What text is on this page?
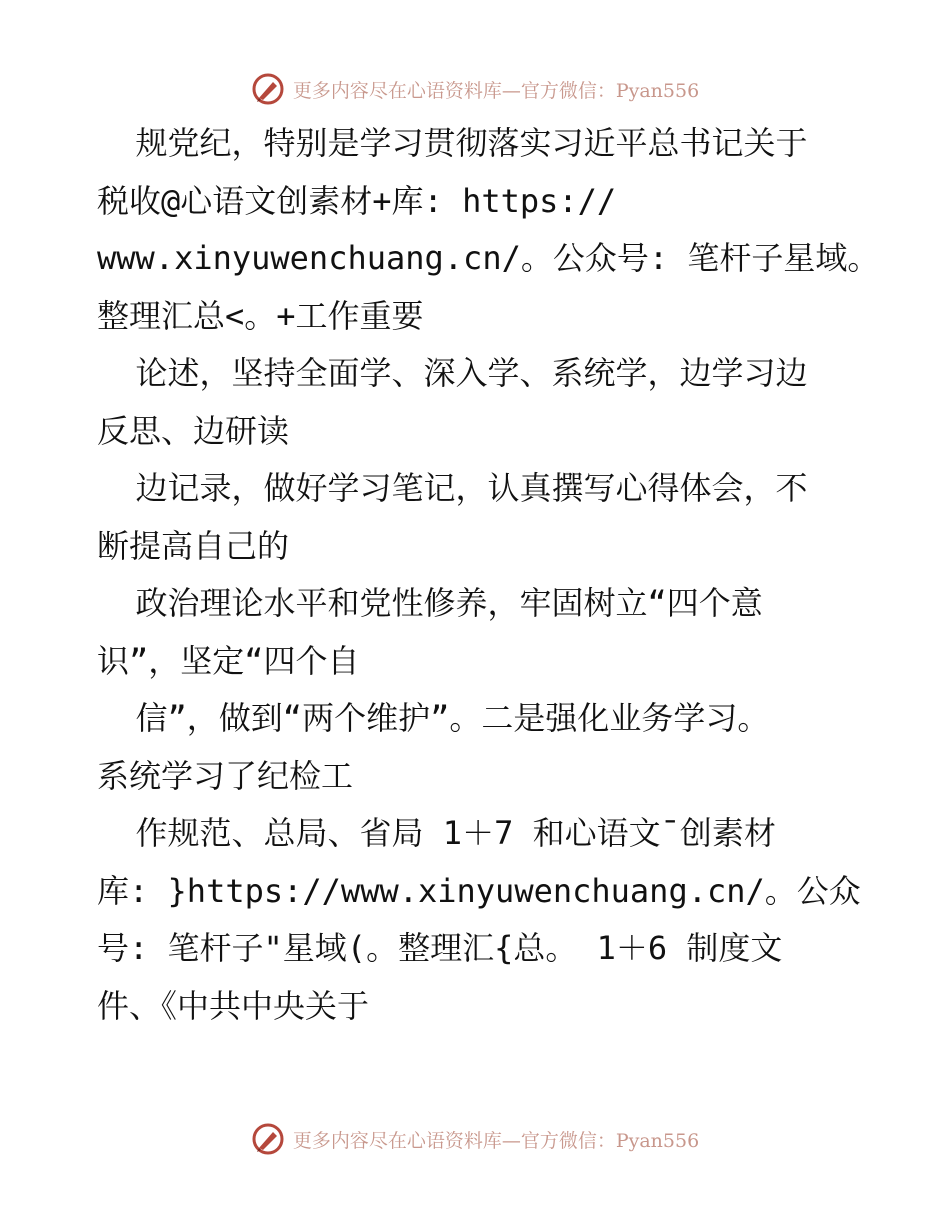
更多内容尽在心语资料库—官方微信：Pyan556
规党纪，特别是学习贯彻落实习近平总书记关于
税收@心语文创素材+库: https://
www.xinyuwenchuang.cn/。公众号: 笔杆子星域。
整理汇总<。+工作重要
论述，坚持全面学、深入学、系统学，边学习边
反思、边研读
边记录，做好学习笔记，认真撰写心得体会，不
断提高自己的
政治理论水平和党性修养，牢固树立“四个意
识”，坚定“四个自
信”，做到“两个维护”。二是强化业务学习。
系统学习了纪检工
作规范、总局、省局 1＋7 和心语文¯创素材
库: }https://www.xinyuwenchuang.cn/。公众
号: 笔杆子"星域(。整理汇{总。 1＋6 制度文
件、《中共中央关于
更多内容尽在心语资料库—官方微信：Pyan556
